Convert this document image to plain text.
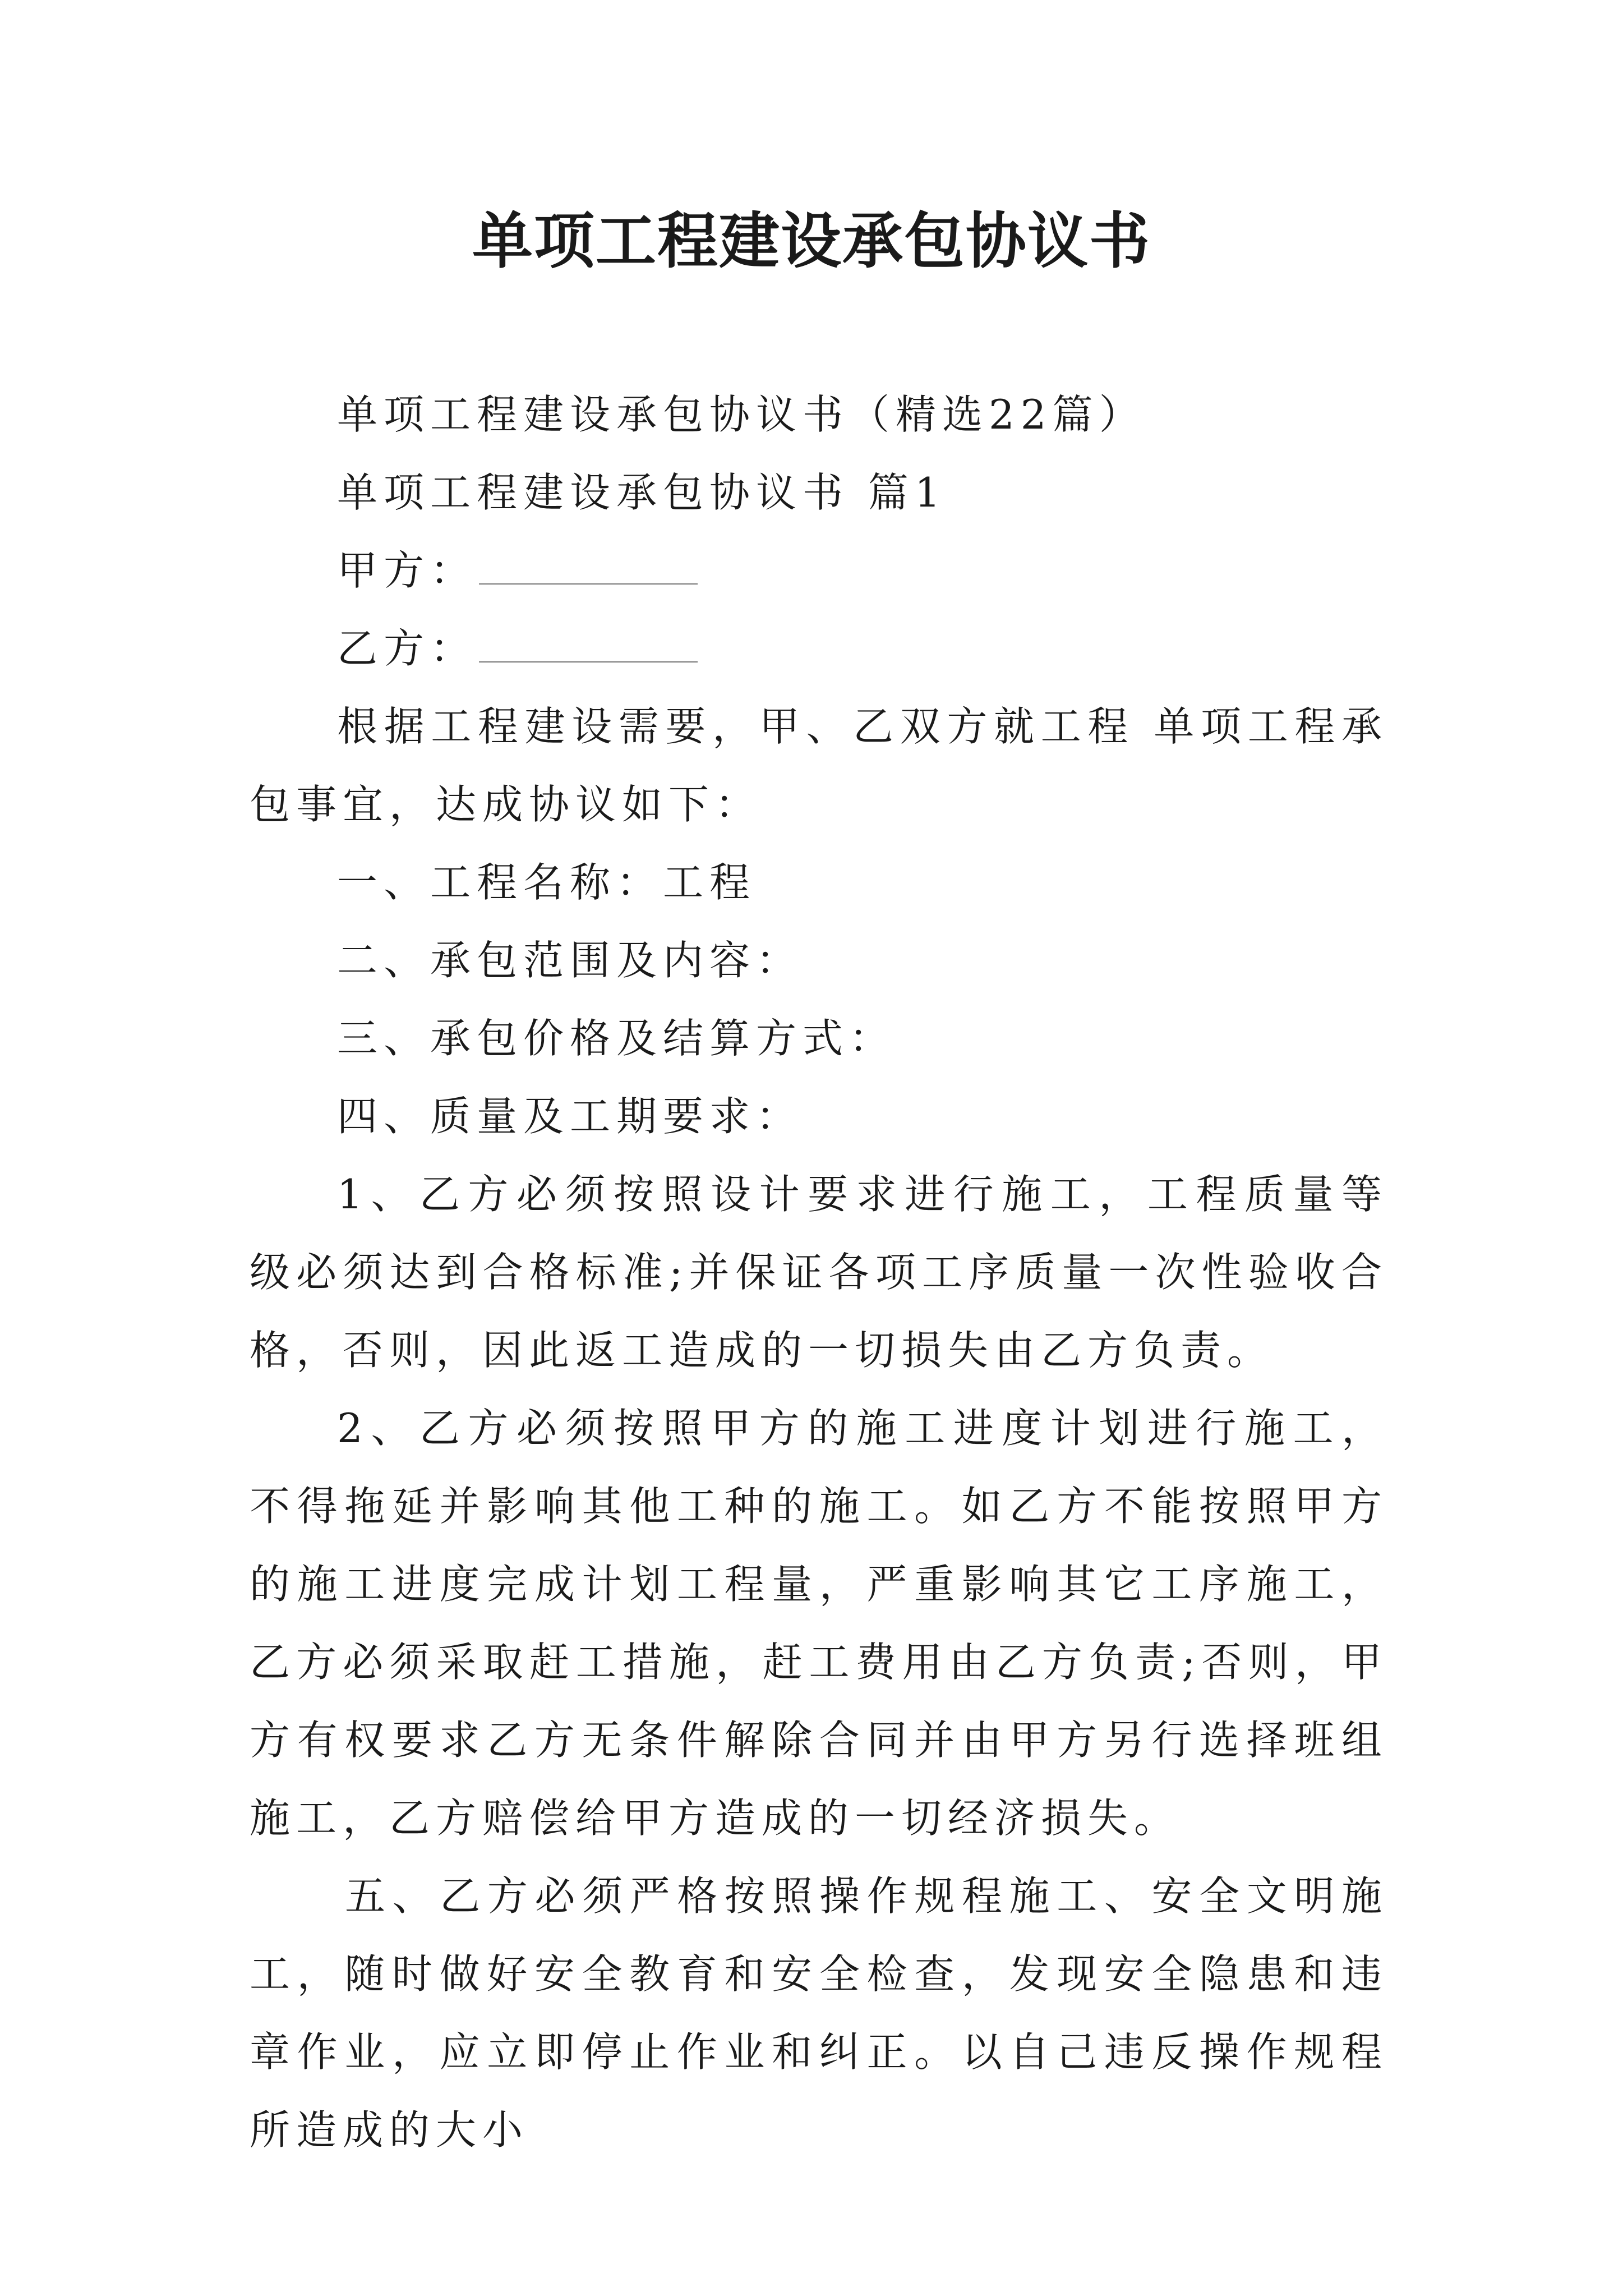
单项工程建设承包协议书

单项工程建设承包协议书（精选22篇）

单项工程建设承包协议书 篇1

甲方：

乙方：

根据工程建设需要，甲、乙双方就工程 单项工程承包事宜，达成协议如下：

一、工程名称：工程

二、承包范围及内容：

三、承包价格及结算方式：

四、质量及工期要求：

1、乙方必须按照设计要求进行施工，工程质量等级必须达到合格标准;并保证各项工序质量一次性验收合格，否则，因此返工造成的一切损失由乙方负责。

2、乙方必须按照甲方的施工进度计划进行施工，不得拖延并影响其他工种的施工。如乙方不能按照甲方的施工进度完成计划工程量，严重影响其它工序施工，乙方必须采取赶工措施，赶工费用由乙方负责;否则，甲方有权要求乙方无条件解除合同并由甲方另行选择班组施工，乙方赔偿给甲方造成的一切经济损失。

五、乙方必须严格按照操作规程施工、安全文明施工，随时做好安全教育和安全检查，发现安全隐患和违章作业，应立即停止作业和纠正。以自己违反操作规程所造成的大小
